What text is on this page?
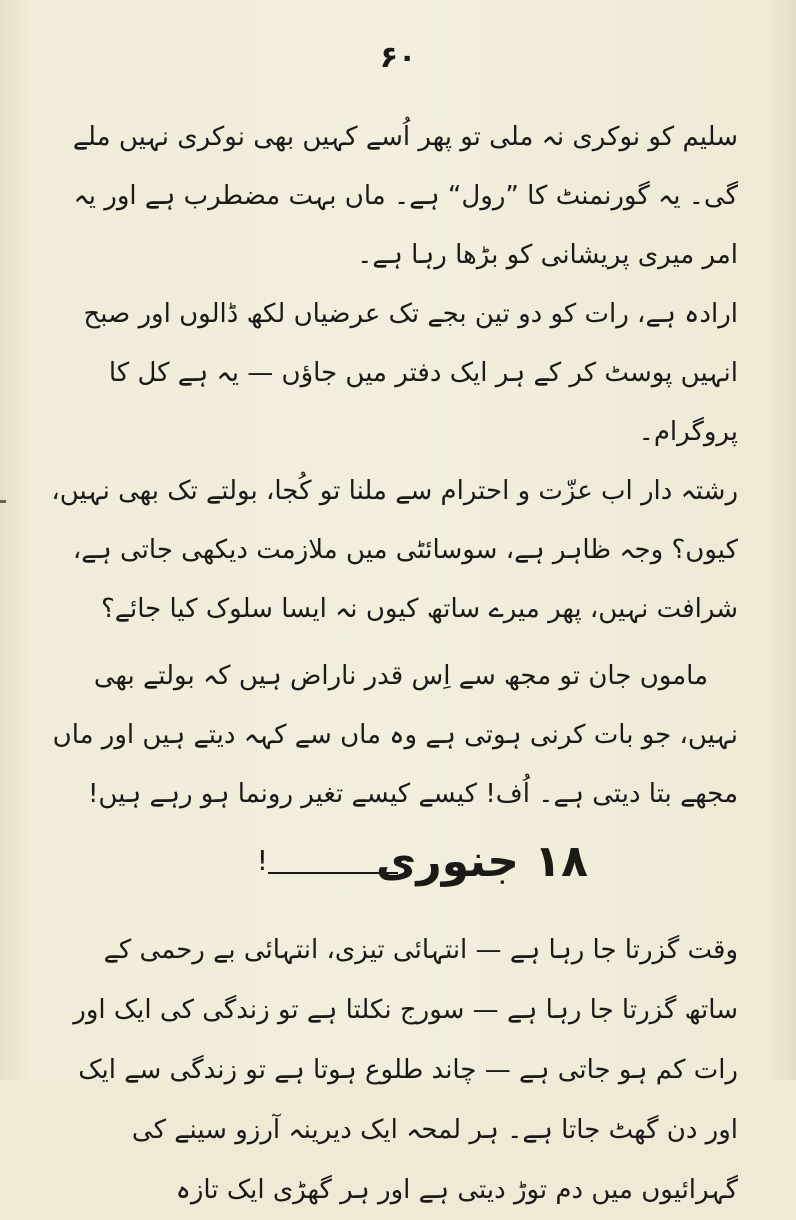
۶۰

سلیم کو نوکری نہ ملی تو پھر اُسے کہیں بھی نوکری نہیں ملے گی۔ یہ گورنمنٹ کا ”رول“ ہے۔ ماں بہت مضطرب ہے اور یہ امر میری پریشانی کو بڑھا رہا ہے۔

ارادہ ہے، رات کو دو تین بجے تک عرضیاں لکھ ڈالوں اور صبح انہیں پوسٹ کر کے ہر ایک دفتر میں جاؤں — یہ ہے کل کا پروگرام۔

رشتہ دار اب عزّت و احترام سے ملنا تو کُجا، بولتے تک بھی نہیں، کیوں؟ وجہ ظاہر ہے، سوسائٹی میں ملازمت دیکھی جاتی ہے، شرافت نہیں، پھر میرے ساتھ کیوں نہ ایسا سلوک کیا جائے؟

ماموں جان تو مجھ سے اِس قدر ناراض ہیں کہ بولتے بھی نہیں، جو بات کرنی ہوتی ہے وہ ماں سے کہہ دیتے ہیں اور ماں مجھے بتا دیتی ہے۔ اُف! کیسے کیسے تغیر رونما ہو رہے ہیں!

۱۸ جنوری
!

وقت گزرتا جا رہا ہے — انتہائی تیزی، انتہائی بے رحمی کے ساتھ گزرتا جا رہا ہے — سورج نکلتا ہے تو زندگی کی ایک اور رات کم ہو جاتی ہے — چاند طلوع ہوتا ہے تو زندگی سے ایک اور دن گھٹ جاتا ہے۔ ہر لمحہ ایک دیرینہ آرزو سینے کی گہرائیوں میں دم توڑ دیتی ہے اور ہر گھڑی ایک تازہ
